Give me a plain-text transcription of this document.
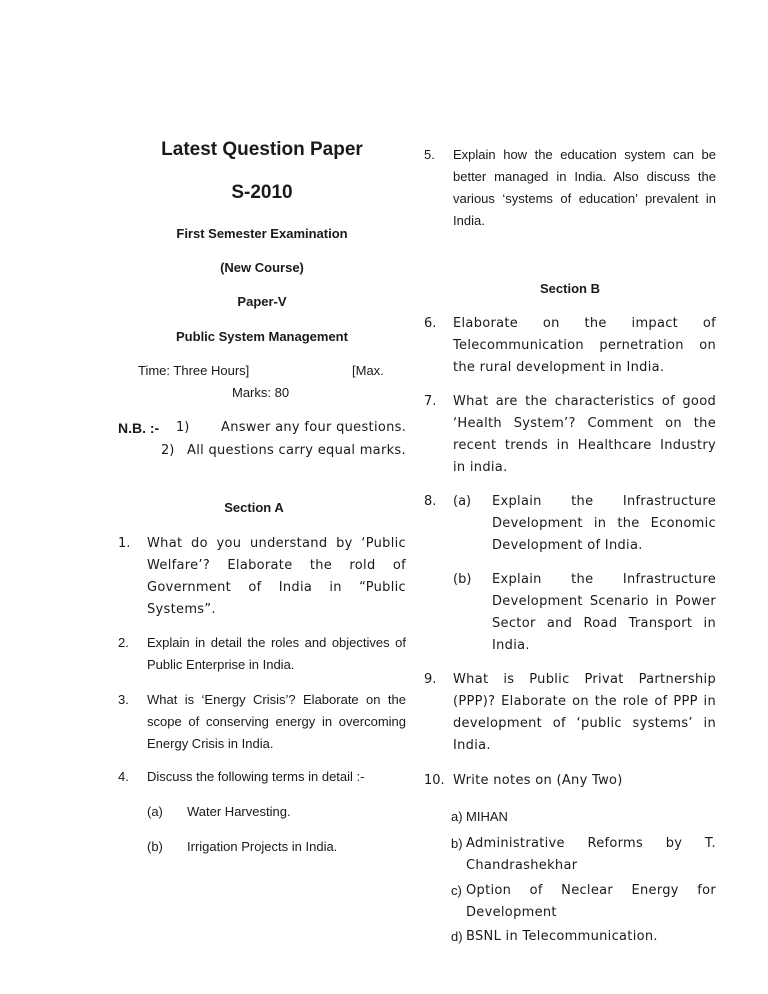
Latest Question Paper
S-2010
First Semester Examination
(New Course)
Paper-V
Public System Management
Time: Three Hours]	[Max.
Marks: 80
N.B. :- 1) Answer any four questions.
2) All questions carry equal marks.
Section A
1. What do you understand by ‘Public Welfare’? Elaborate the rold of Government of India in “Public Systems”.
2. Explain in detail the roles and objectives of Public Enterprise in India.
3. What is ‘Energy Crisis’? Elaborate on the scope of conserving energy in overcoming Energy Crisis in India.
4. Discuss the following terms in detail :-
(a) Water Harvesting.
(b) Irrigation Projects in India.
5. Explain how the education system can be better managed in India. Also discuss the various ‘systems of education’ prevalent in India.
Section B
6. Elaborate on the impact of Telecommunication pernetration on the rural development in India.
7. What are the characteristics of good ‘Health System’? Comment on the recent trends in Healthcare Industry in india.
8. (a) Explain the Infrastructure Development in the Economic Development of India.
(b) Explain the Infrastructure Development Scenario in Power Sector and Road Transport in India.
9. What is Public Privat Partnership (PPP)? Elaborate on the role of PPP in development of ‘public systems’ in India.
10. Write notes on (Any Two)
a) MIHAN
b) Administrative Reforms by T. Chandrashekhar
c) Option of Neclear Energy for Development
d) BSNL in Telecommunication.
